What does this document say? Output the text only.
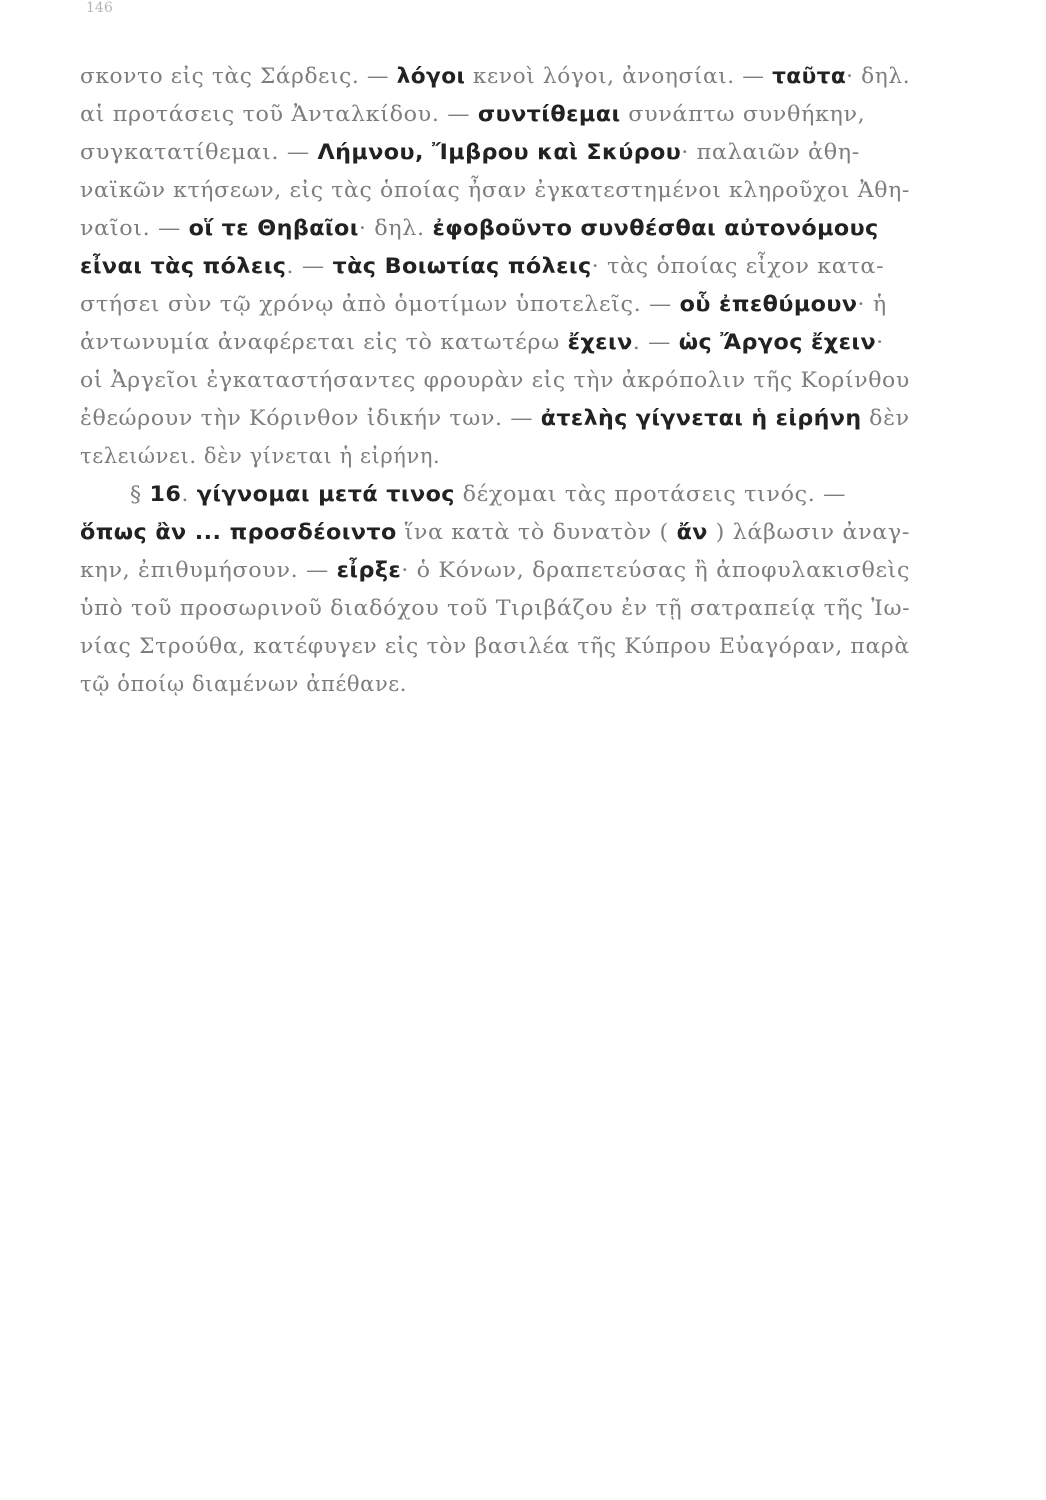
146
σκοντο εἰς τὰς Σάρδεις. — λόγοι κενοὶ λόγοι, ἀνοησίαι. — ταῦτα· δηλ.
αἱ προτάσεις τοῦ Ἀνταλκίδου. — συντίθεμαι συνάπτω συνθήκην,
συγκατατίθεμαι. — Λήμνου, Ἴμβρου καὶ Σκύρου· παλαιῶν ἀθη-
ναϊκῶν κτήσεων, εἰς τὰς ὁποίας ἦσαν ἐγκατεστημένοι κληροῦχοι Ἀθη-
ναῖοι. — οἵ τε Θηβαῖοι· δηλ. ἐφοβοῦντο συνθέσθαι αὐτονόμους
εἶναι τὰς πόλεις. — τὰς Βοιωτίας πόλεις· τὰς ὁποίας εἶχον κατα-
στήσει σὺν τῷ χρόνῳ ἀπὸ ὁμοτίμων ὑποτελεῖς. — οὗ ἐπεθύμουν· ἡ
ἀντωνυμία ἀναφέρεται εἰς τὸ κατωτέρω ἔχειν. — ὡς Ἄργος ἔχειν·
οἱ Ἀργεῖοι ἐγκαταστήσαντες φρουρὰν εἰς τὴν ἀκρόπολιν τῆς Κορίνθου
ἐθεώρουν τὴν Κόρινθον ἰδικήν των. — ἀτελὴς γίγνεται ἡ εἰρήνη δὲν
τελειώνει. δὲν γίνεται ἡ εἰρήνη.
§ 16. γίγνομαι μετά τινος δέχομαι τὰς προτάσεις τινός. —
ὅπως ἂν ... προσδέοιντο ἵνα κατὰ τὸ δυνατὸν ( ἄν ) λάβωσιν ἀναγ-
κην, ἐπιθυμήσουν. — εἶρξε· ὁ Κόνων, δραπετεύσας ἢ ἀποφυλακισθεὶς
ὑπὸ τοῦ προσωρινοῦ διαδόχου τοῦ Τιριβάζου ἐν τῇ σατραπείᾳ τῆς Ἰω-
νίας Στρούθα, κατέφυγεν εἰς τὸν βασιλέα τῆς Κύπρου Εὐαγόραν, παρὰ
τῷ ὁποίῳ διαμένων ἀπέθανε.
